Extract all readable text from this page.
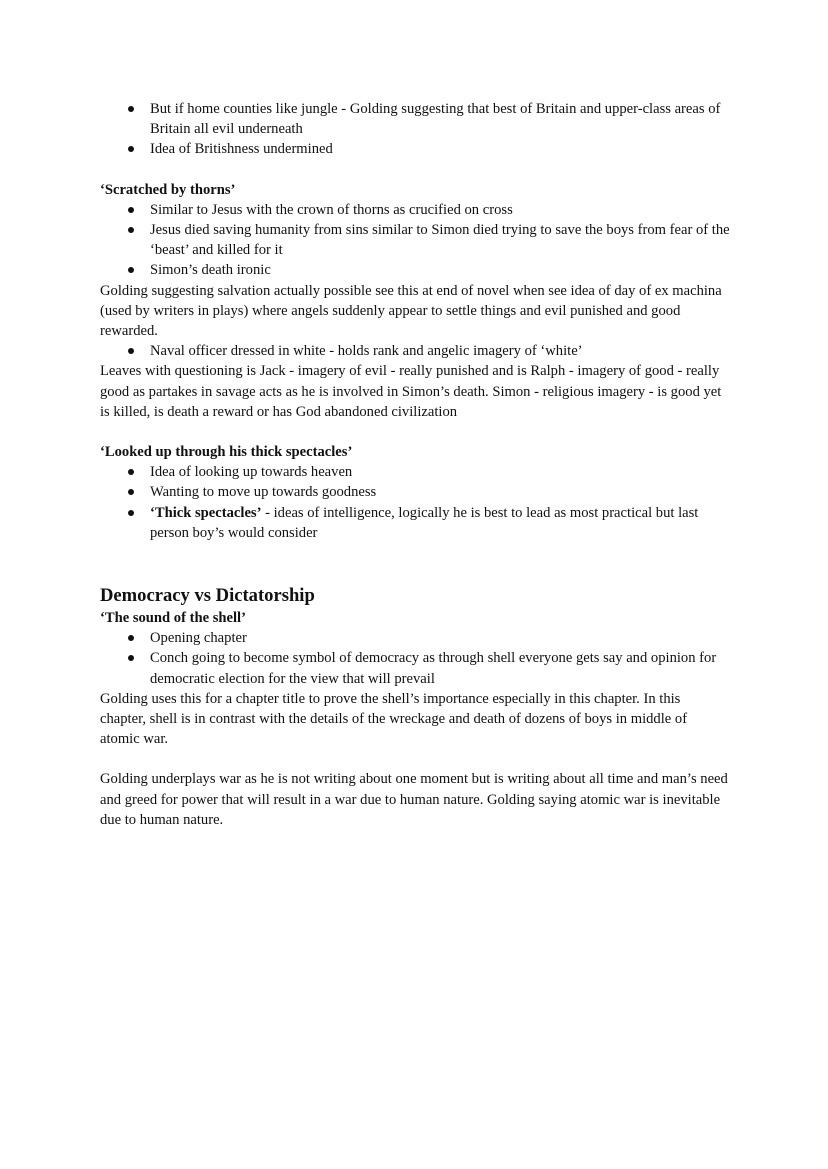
But if home counties like jungle - Golding suggesting that best of Britain and upper-class areas of Britain all evil underneath
Idea of Britishness undermined

‘Scratched by thorns’

Similar to Jesus with the crown of thorns as crucified on cross
Jesus died saving humanity from sins similar to Simon died trying to save the boys from fear of the ‘beast’ and killed for it
Simon’s death ironic

Golding suggesting salvation actually possible see this at end of novel when see idea of day of ex machina (used by writers in plays) where angels suddenly appear to settle things and evil punished and good rewarded.

Naval officer dressed in white - holds rank and angelic imagery of ‘white’

Leaves with questioning is Jack - imagery of evil - really punished and is Ralph - imagery of good - really good as partakes in savage acts as he is involved in Simon’s death. Simon - religious imagery - is good yet is killed, is death a reward or has God abandoned civilization

‘Looked up through his thick spectacles’

Idea of looking up towards heaven
Wanting to move up towards goodness
‘Thick spectacles’ - ideas of intelligence, logically he is best to lead as most practical but last person boy’s would consider

Democracy vs Dictatorship

‘The sound of the shell’

Opening chapter
Conch going to become symbol of democracy as through shell everyone gets say and opinion for democratic election for the view that will prevail

Golding uses this for a chapter title to prove the shell’s importance especially in this chapter. In this chapter, shell is in contrast with the details of the wreckage and death of dozens of boys in middle of atomic war.

Golding underplays war as he is not writing about one moment but is writing about all time and man’s need and greed for power that will result in a war due to human nature. Golding saying atomic war is inevitable due to human nature.
